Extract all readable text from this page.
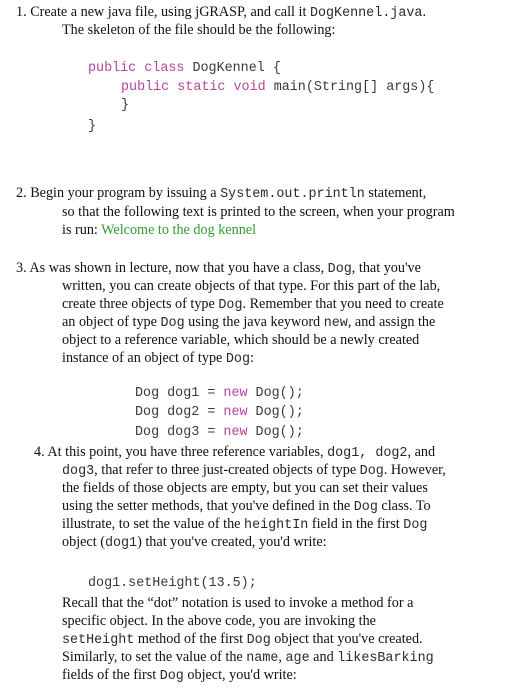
1. Create a new java file, using jGRASP, and call it DogKennel.java.
The skeleton of the file should be the following:
public class DogKennel {
public static void main(String[] args){
}
}
2. Begin your program by issuing a System.out.println statement,
so that the following text is printed to the screen, when your program
is run: Welcome to the dog kennel
3. As was shown in lecture, now that you have a class, Dog, that you've
written, you can create objects of that type. For this part of the lab,
create three objects of type Dog. Remember that you need to create
an object of type Dog using the java keyword new, and assign the
object to a reference variable, which should be a newly created
instance of an object of type Dog:
Dog dog1 = new Dog();
Dog dog2 = new Dog();
Dog dog3 = new Dog();
4. At this point, you have three reference variables, dog1, dog2, and
dog3, that refer to three just-created objects of type Dog. However,
the fields of those objects are empty, but you can set their values
using the setter methods, that you've defined in the Dog class. To
illustrate, to set the value of the heightIn field in the first Dog
object (dog1) that you've created, you'd write:
dog1.setHeight(13.5);
Recall that the “dot” notation is used to invoke a method for a
specific object. In the above code, you are invoking the
setHeight method of the first Dog object that you've created.
Similarly, to set the value of the name, age and likesBarking
fields of the first Dog object, you'd write:
